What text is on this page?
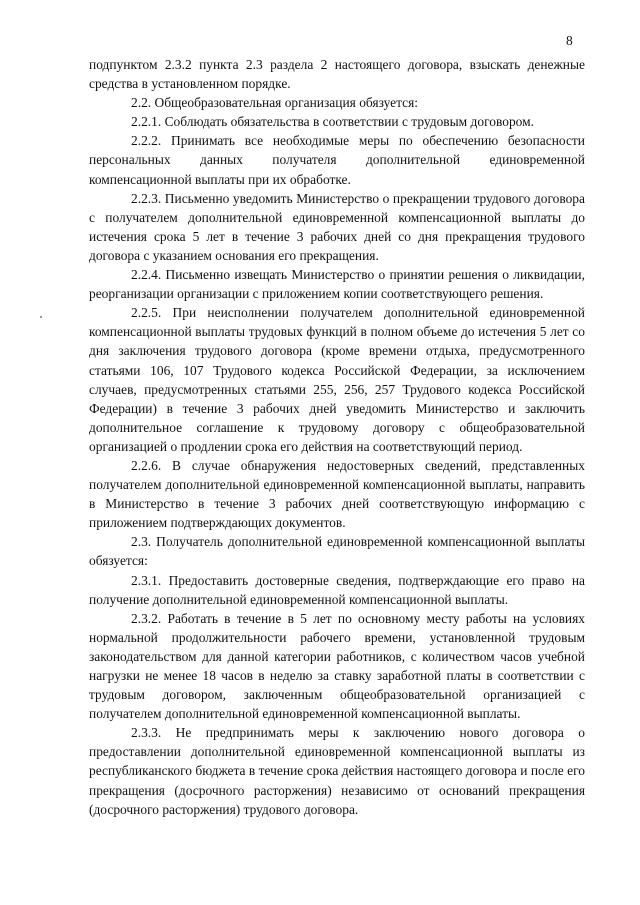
8

подпунктом 2.3.2 пункта 2.3 раздела 2 настоящего договора, взыскать денежные средства в установленном порядке.

2.2. Общеобразовательная организация обязуется:

2.2.1. Соблюдать обязательства в соответствии с трудовым договором.

2.2.2. Принимать все необходимые меры по обеспечению безопасности персональных данных получателя дополнительной единовременной компенсационной выплаты при их обработке.

2.2.3. Письменно уведомить Министерство о прекращении трудового договора с получателем дополнительной единовременной компенсационной выплаты до истечения срока 5 лет в течение 3 рабочих дней со дня прекращения трудового договора с указанием основания его прекращения.

2.2.4. Письменно извещать Министерство о принятии решения о ликвидации, реорганизации организации с приложением копии соответствующего решения.

2.2.5. При неисполнении получателем дополнительной единовременной компенсационной выплаты трудовых функций в полном объеме до истечения 5 лет со дня заключения трудового договора (кроме времени отдыха, предусмотренного статьями 106, 107 Трудового кодекса Российской Федерации, за исключением случаев, предусмотренных статьями 255, 256, 257 Трудового кодекса Российской Федерации) в течение 3 рабочих дней уведомить Министерство и заключить дополнительное соглашение к трудовому договору с общеобразовательной организацией о продлении срока его действия на соответствующий период.

2.2.6. В случае обнаружения недостоверных сведений, представленных получателем дополнительной единовременной компенсационной выплаты, направить в Министерство в течение 3 рабочих дней соответствующую информацию с приложением подтверждающих документов.

2.3. Получатель дополнительной единовременной компенсационной выплаты обязуется:

2.3.1. Предоставить достоверные сведения, подтверждающие его право на получение дополнительной единовременной компенсационной выплаты.

2.3.2. Работать в течение в 5 лет по основному месту работы на условиях нормальной продолжительности рабочего времени, установленной трудовым законодательством для данной категории работников, с количеством часов учебной нагрузки не менее 18 часов в неделю за ставку заработной платы в соответствии с трудовым договором, заключенным общеобразовательной организацией с получателем дополнительной единовременной компенсационной выплаты.

2.3.3. Не предпринимать меры к заключению нового договора о предоставлении дополнительной единовременной компенсационной выплаты из республиканского бюджета в течение срока действия настоящего договора и после его прекращения (досрочного расторжения) независимо от оснований прекращения (досрочного расторжения) трудового договора.
